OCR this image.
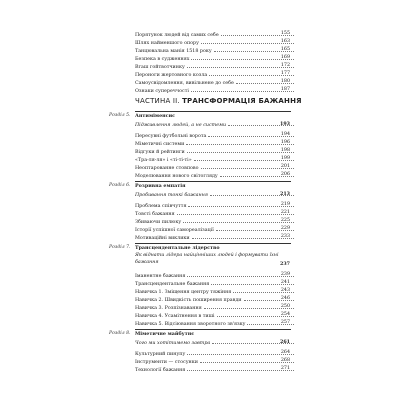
Порятунок людей від самих себе	155
Шлях найменшого опору	163
Танцювальна манія 1518 року	165
Безпека в судженнях	169
Вгаш гойтвотчинку	172
Пероноги жертовного козла	177
Самоусвідомлення, вивільнене до себе	180
Ознаки супереччості	187
ЧАСТИНА II. ТРАНСФОРМАЦІЯ БАЖАННЯ
Розділ 5. Антиміменсис
Підживлення людей, а не системи	193
Пересувні футбольні ворота	194
Міметичні системи	196
Відгуки й рейтинги	198
«Тра-ля-ля» і «ті-ті-ті»	199
Неоптарованне стовпово	201
Моделювання нового світогляду	206
Розділ 6. Розривна емпатія
Пробивання тонкі бажання	213
Проблема співчуття	219
Товсті бажання	221
Збиваючи пилюку	225
Історії успішної самореалізації	229
Мотиваційні виклики	233
Розділ 7. Трансцендентальне лідерство
Як віднати лідера найцінніших людей і формувати їхні бажання	237
Іманентне бажання	239
Трансцендентальне бажання	241
Навичка 1. Зміщення центру тяжіння	243
Навичка 2. Швидкість поширення правди	246
Навичка 3. Розпізнавання	250
Навичка 4. Усамітнення в тиші	254
Навичка 5. Відсіювання зворотного зв'язку	257
Розділ 8. Міметичне майбутнє
Чого ми хотітимемо завтра	261
Культурний пинупу	264
Інструменти — стосунки	268
Технології бажання	271
